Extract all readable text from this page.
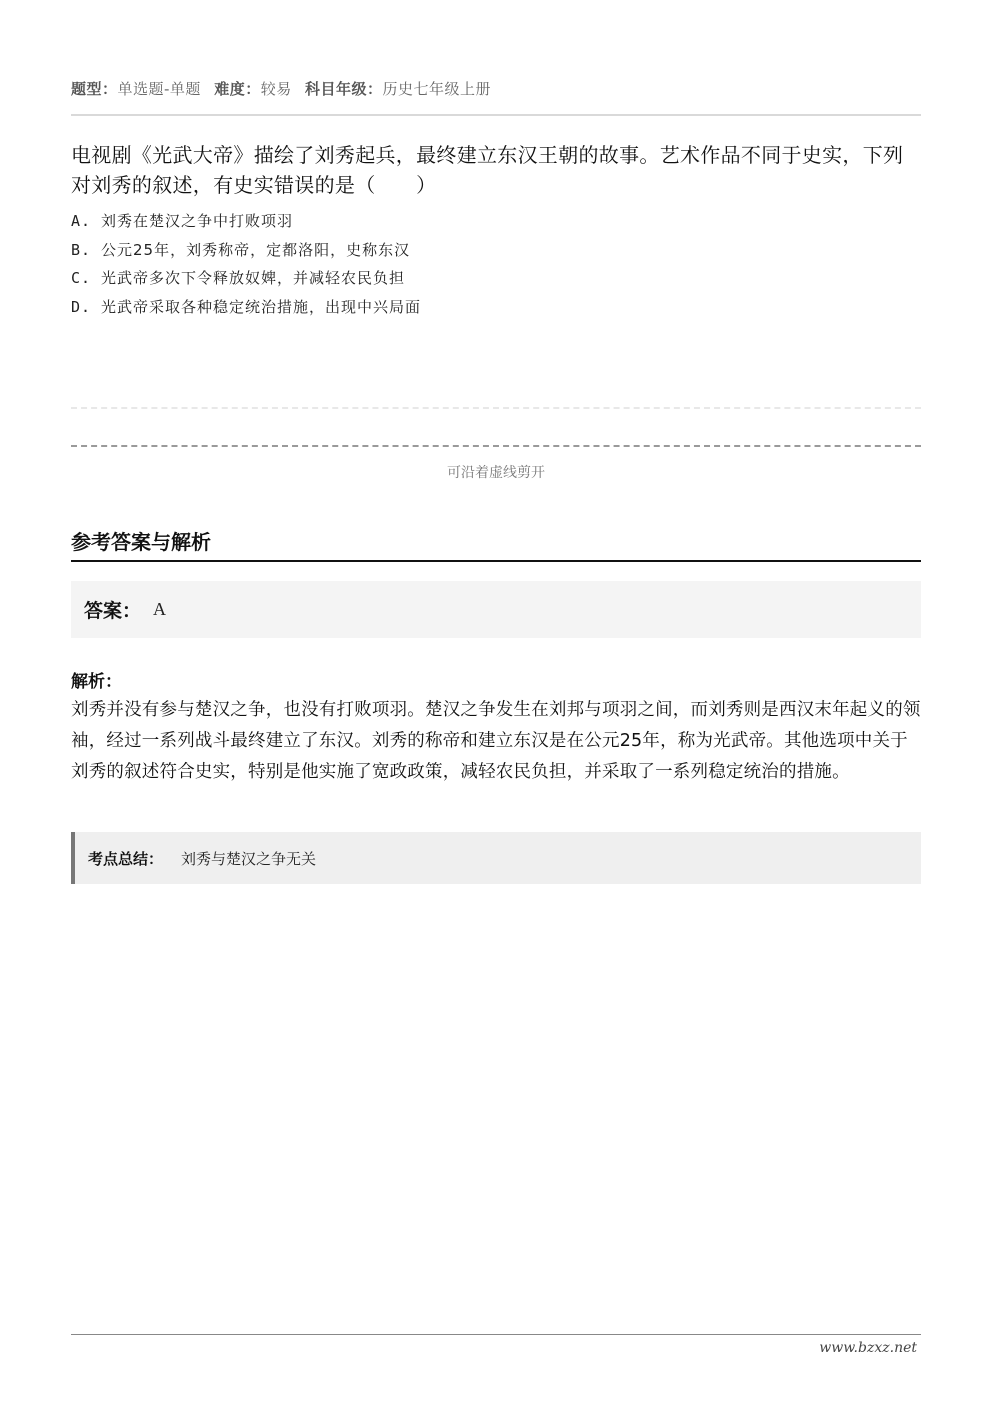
题型：单选题-单题 难度：较易 科目年级：历史七年级上册
电视剧《光武大帝》描绘了刘秀起兵，最终建立东汉王朝的故事。艺术作品不同于史实，下列对刘秀的叙述，有史实错误的是（　　）
A. 刘秀在楚汉之争中打败项羽
B. 公元25年，刘秀称帝，定都洛阳，史称东汉
C. 光武帝多次下令释放奴婢，并减轻农民负担
D. 光武帝采取各种稳定统治措施，出现中兴局面
可沿着虚线剪开
参考答案与解析
答案： A
解析：
刘秀并没有参与楚汉之争，也没有打败项羽。楚汉之争发生在刘邦与项羽之间，而刘秀则是西汉末年起义的领袖，经过一系列战斗最终建立了东汉。刘秀的称帝和建立东汉是在公元25年，称为光武帝。其他选项中关于刘秀的叙述符合史实，特别是他实施了宽政政策，减轻农民负担，并采取了一系列稳定统治的措施。
考点总结： 刘秀与楚汉之争无关
www.bzxz.net
